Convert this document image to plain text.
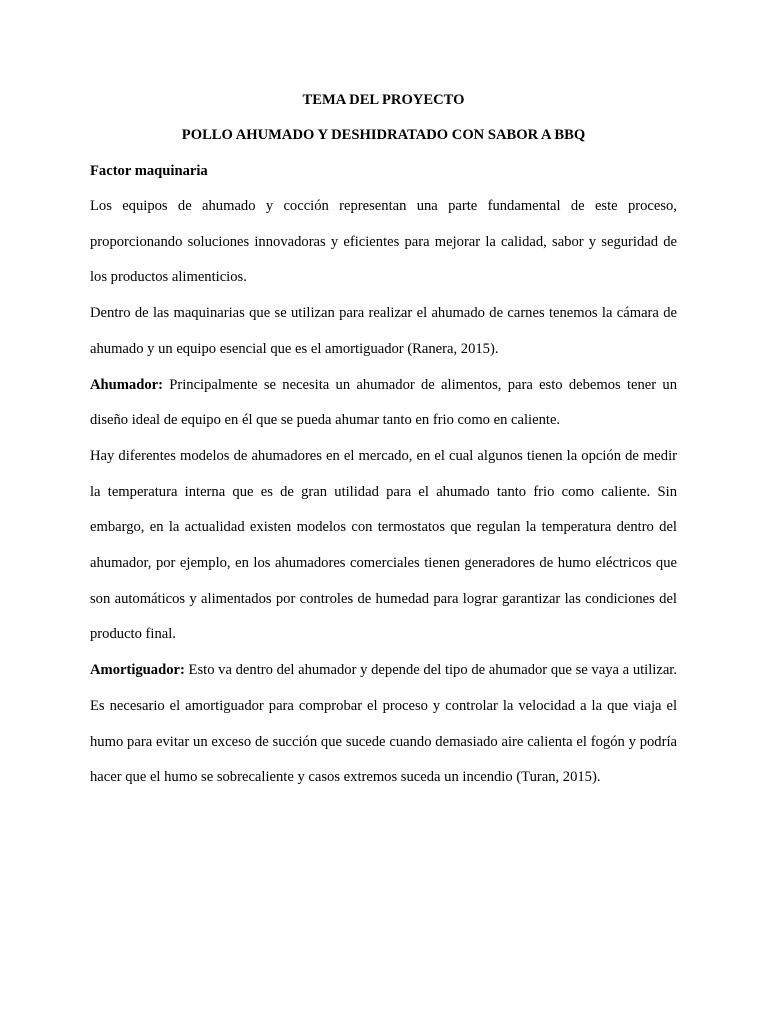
TEMA DEL PROYECTO

POLLO AHUMADO Y DESHIDRATADO CON SABOR A BBQ

Factor maquinaria

Los equipos de ahumado y cocción representan una parte fundamental de este proceso, proporcionando soluciones innovadoras y eficientes para mejorar la calidad, sabor y seguridad de los productos alimenticios.

Dentro de las maquinarias que se utilizan para realizar el ahumado de carnes tenemos la cámara de ahumado y un equipo esencial que es el amortiguador (Ranera, 2015).

Ahumador: Principalmente se necesita un ahumador de alimentos, para esto debemos tener un diseño ideal de equipo en él que se pueda ahumar tanto en frio como en caliente.

Hay diferentes modelos de ahumadores en el mercado, en el cual algunos tienen la opción de medir la temperatura interna que es de gran utilidad para el ahumado tanto frio como caliente. Sin embargo, en la actualidad existen modelos con termostatos que regulan la temperatura dentro del ahumador, por ejemplo, en los ahumadores comerciales tienen generadores de humo eléctricos que son automáticos y alimentados por controles de humedad para lograr garantizar las condiciones del producto final.

Amortiguador: Esto va dentro del ahumador y depende del tipo de ahumador que se vaya a utilizar. Es necesario el amortiguador para comprobar el proceso y controlar la velocidad a la que viaja el humo para evitar un exceso de succión que sucede cuando demasiado aire calienta el fogón y podría hacer que el humo se sobrecaliente y casos extremos suceda un incendio (Turan, 2015).
